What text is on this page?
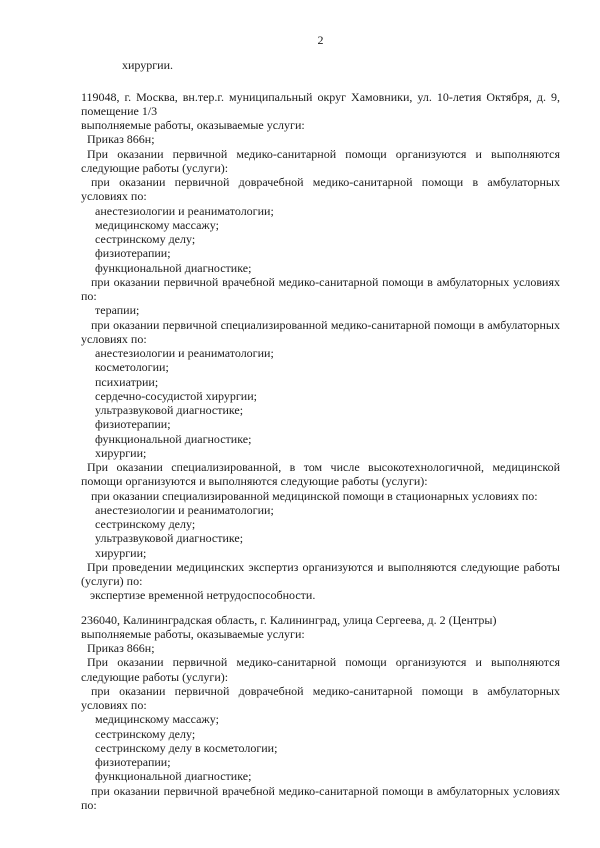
2
хирургии.
119048, г. Москва, вн.тер.г. муниципальный округ Хамовники, ул. 10-летия Октября, д. 9, помещение 1/3
выполняемые работы, оказываемые услуги:
Приказ 866н;
При оказании первичной медико-санитарной помощи организуются и выполняются следующие работы (услуги):
при оказании первичной доврачебной медико-санитарной помощи в амбулаторных условиях по:
анестезиологии и реаниматологии;
медицинскому массажу;
сестринскому делу;
физиотерапии;
функциональной диагностике;
при оказании первичной врачебной медико-санитарной помощи в амбулаторных условиях по:
терапии;
при оказании первичной специализированной медико-санитарной помощи в амбулаторных условиях по:
анестезиологии и реаниматологии;
косметологии;
психиатрии;
сердечно-сосудистой хирургии;
ультразвуковой диагностике;
физиотерапии;
функциональной диагностике;
хирургии;
При оказании специализированной, в том числе высокотехнологичной, медицинской помощи организуются и выполняются следующие работы (услуги):
при оказании специализированной медицинской помощи в стационарных условиях по:
анестезиологии и реаниматологии;
сестринскому делу;
ультразвуковой диагностике;
хирургии;
При проведении медицинских экспертиз организуются и выполняются следующие работы (услуги) по:
экспертизе временной нетрудоспособности.
236040, Калининградская область, г. Калининград, улица Сергеева, д. 2 (Центры)
выполняемые работы, оказываемые услуги:
Приказ 866н;
При оказании первичной медико-санитарной помощи организуются и выполняются следующие работы (услуги):
при оказании первичной доврачебной медико-санитарной помощи в амбулаторных условиях по:
медицинскому массажу;
сестринскому делу;
сестринскому делу в косметологии;
физиотерапии;
функциональной диагностике;
при оказании первичной врачебной медико-санитарной помощи в амбулаторных условиях по:
